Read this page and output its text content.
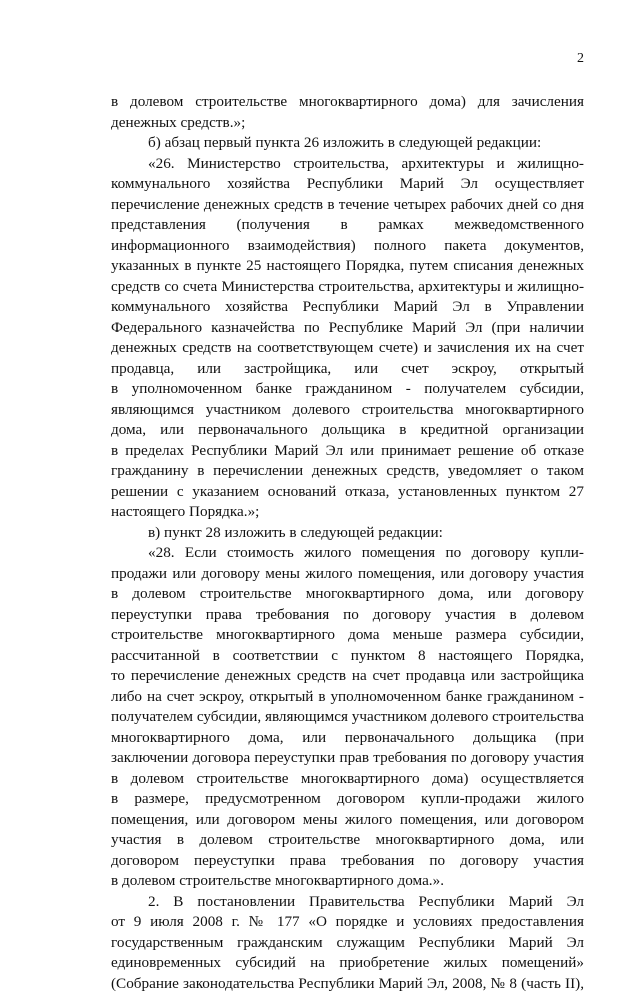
2
в долевом строительстве многоквартирного дома) для зачисления
денежных средств.»;
б) абзац первый пункта 26 изложить в следующей редакции:
«26. Министерство строительства, архитектуры и жилищно-
коммунального хозяйства Республики Марий Эл осуществляет
перечисление денежных средств в течение четырех рабочих дней со дня
представления (получения в рамках межведомственного
информационного взаимодействия) полного пакета документов,
указанных в пункте 25 настоящего Порядка, путем списания денежных
средств со счета Министерства строительства, архитектуры и жилищно-
коммунального хозяйства Республики Марий Эл в Управлении
Федерального казначейства по Республике Марий Эл (при наличии
денежных средств на соответствующем счете) и зачисления их на счет
продавца, или застройщика, или счет эскроу, открытый
в уполномоченном банке гражданином - получателем субсидии,
являющимся участником долевого строительства многоквартирного
дома, или первоначального дольщика в кредитной организации
в пределах Республики Марий Эл или принимает решение об отказе
гражданину в перечислении денежных средств, уведомляет о таком
решении с указанием оснований отказа, установленных пунктом 27
настоящего Порядка.»;
в) пункт 28 изложить в следующей редакции:
«28. Если стоимость жилого помещения по договору купли-
продажи или договору мены жилого помещения, или договору участия
в долевом строительстве многоквартирного дома, или договору
переуступки права требования по договору участия в долевом
строительстве многоквартирного дома меньше размера субсидии,
рассчитанной в соответствии с пунктом 8 настоящего Порядка,
то перечисление денежных средств на счет продавца или застройщика
либо на счет эскроу, открытый в уполномоченном банке гражданином -
получателем субсидии, являющимся участником долевого строительства
многоквартирного дома, или первоначального дольщика (при
заключении договора переуступки прав требования по договору участия
в долевом строительстве многоквартирного дома) осуществляется
в размере, предусмотренном договором купли-продажи жилого
помещения, или договором мены жилого помещения, или договором
участия в долевом строительстве многоквартирного дома, или
договором переуступки права требования по договору участия
в долевом строительстве многоквартирного дома.».
2. В постановлении Правительства Республики Марий Эл
от 9 июля 2008 г. № 177 «О порядке и условиях предоставления
государственным гражданским служащим Республики Марий Эл
единовременных субсидий на приобретение жилых помещений»
(Собрание законодательства Республики Марий Эл, 2008, № 8 (часть II),
